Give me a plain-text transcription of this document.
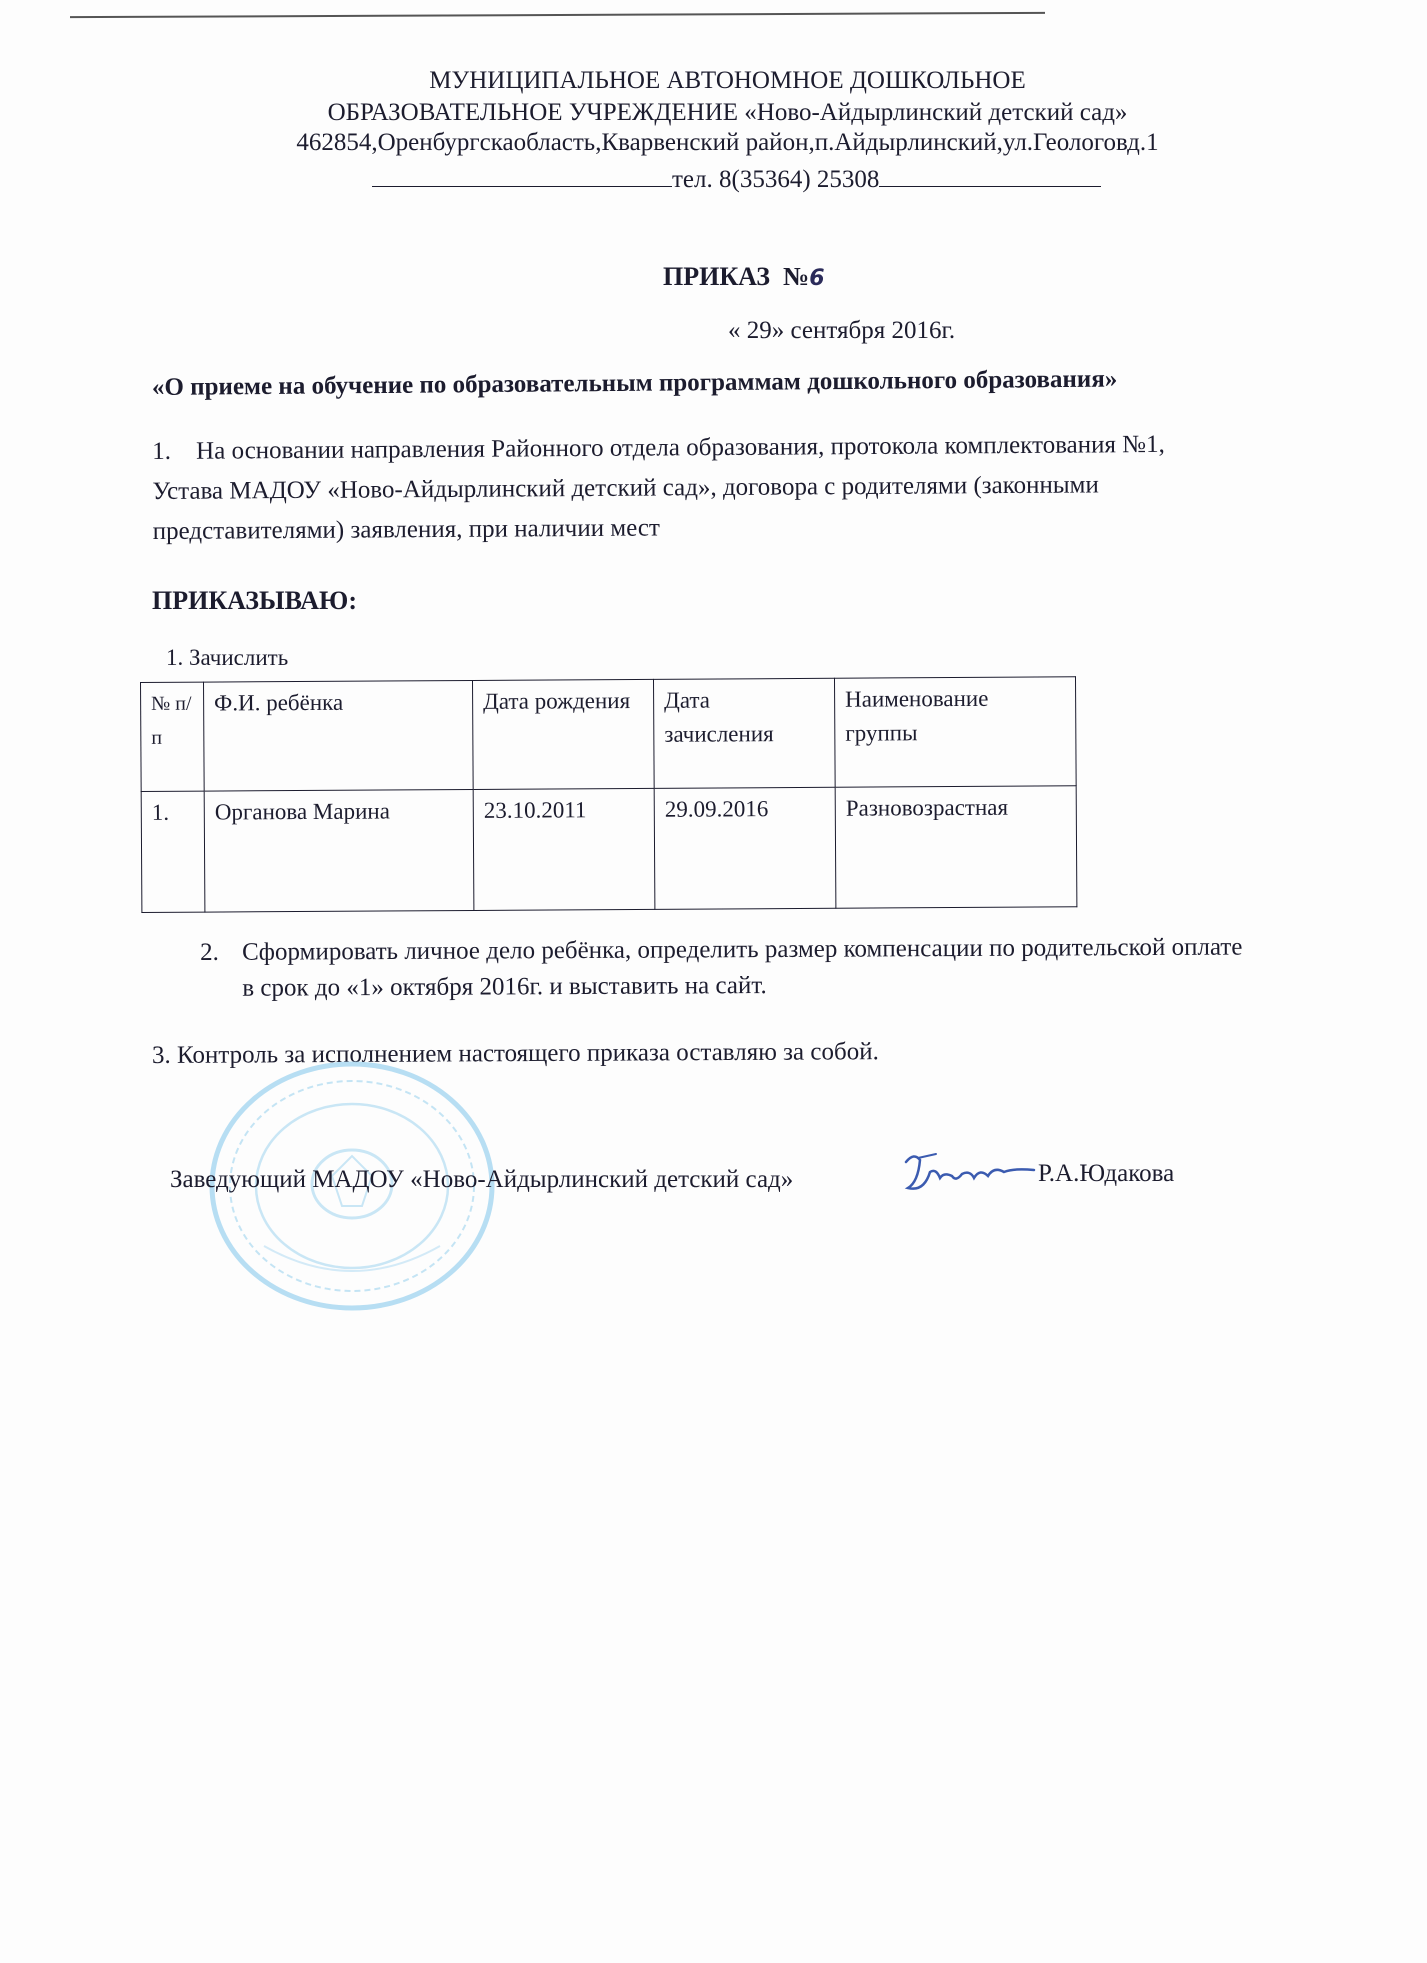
МУНИЦИПАЛЬНОЕ АВТОНОМНОЕ ДОШКОЛЬНОЕ
ОБРАЗОВАТЕЛЬНОЕ УЧРЕЖДЕНИЕ «Ново-Айдырлинский детский сад»
462854,Оренбургскаобласть,Кварвенский район,п.Айдырлинский,ул.Геологовд.1
тел. 8(35364) 25308
ПРИКАЗ №6
« 29» сентября 2016г.
«О приеме на обучение по образовательным программам дошкольного образования»
1. На основании направления Районного отдела образования, протокола комплектования №1,
Устава МАДОУ «Ново-Айдырлинский детский сад», договора с родителями (законными
представителями) заявления, при наличии мест
ПРИКАЗЫВАЮ:
1. Зачислить
№ п/п	Ф.И. ребёнка	Дата рождения	Дата зачисления	Наименование группы
1.	Органова Марина	23.10.2011	29.09.2016	Разновозрастная
2. Сформировать личное дело ребёнка, определить размер компенсации по родительской оплате
в срок до «1» октября 2016г. и выставить на сайт.
3. Контроль за исполнением настоящего приказа оставляю за собой.
Заведующий МАДОУ «Ново-Айдырлинский детский сад»	Р.А.Юдакова
